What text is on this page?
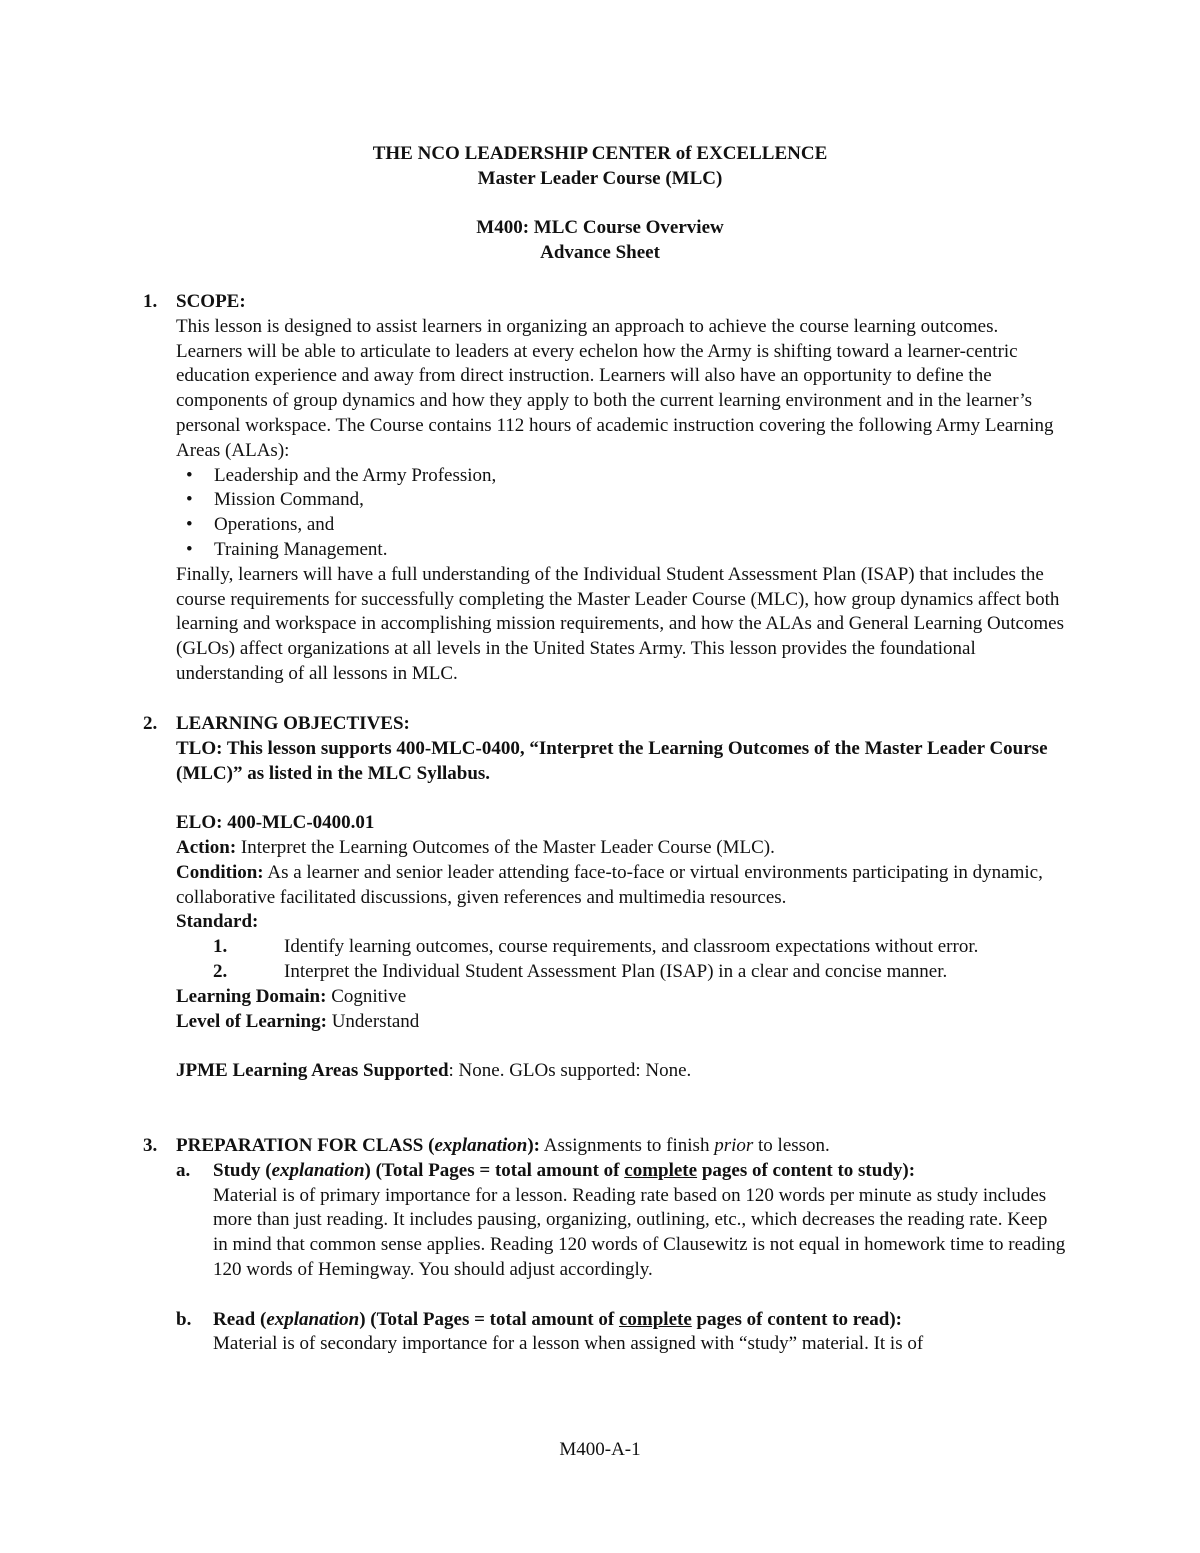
THE NCO LEADERSHIP CENTER of EXCELLENCE
Master Leader Course (MLC)
M400: MLC Course Overview
Advance Sheet
1. SCOPE:

This lesson is designed to assist learners in organizing an approach to achieve the course learning outcomes. Learners will be able to articulate to leaders at every echelon how the Army is shifting toward a learner-centric education experience and away from direct instruction. Learners will also have an opportunity to define the components of group dynamics and how they apply to both the current learning environment and in the learner’s personal workspace. The Course contains 112 hours of academic instruction covering the following Army Learning Areas (ALAs):

• Leadership and the Army Profession,
• Mission Command,
• Operations, and
• Training Management.

Finally, learners will have a full understanding of the Individual Student Assessment Plan (ISAP) that includes the course requirements for successfully completing the Master Leader Course (MLC), how group dynamics affect both learning and workspace in accomplishing mission requirements, and how the ALAs and General Learning Outcomes (GLOs) affect organizations at all levels in the United States Army. This lesson provides the foundational understanding of all lessons in MLC.

2. LEARNING OBJECTIVES:

TLO: This lesson supports 400-MLC-0400, “Interpret the Learning Outcomes of the Master Leader Course (MLC)” as listed in the MLC Syllabus.

ELO: 400-MLC-0400.01

Action: Interpret the Learning Outcomes of the Master Leader Course (MLC).

Condition: As a learner and senior leader attending face-to-face or virtual environments participating in dynamic, collaborative facilitated discussions, given references and multimedia resources.

Standard:

1.	Identify learning outcomes, course requirements, and classroom expectations without error.
2.	Interpret the Individual Student Assessment Plan (ISAP) in a clear and concise manner.

Learning Domain: Cognitive

Level of Learning: Understand

JPME Learning Areas Supported: None. GLOs supported: None.

3. PREPARATION FOR CLASS (explanation): Assignments to finish prior to lesson.

a. Study (explanation) (Total Pages = total amount of complete pages of content to study):

Material is of primary importance for a lesson. Reading rate based on 120 words per minute as study includes more than just reading. It includes pausing, organizing, outlining, etc., which decreases the reading rate. Keep in mind that common sense applies. Reading 120 words of Clausewitz is not equal in homework time to reading 120 words of Hemingway. You should adjust accordingly.

b. Read (explanation) (Total Pages = total amount of complete pages of content to read):

Material is of secondary importance for a lesson when assigned with “study” material. It is of

M400-A-1
